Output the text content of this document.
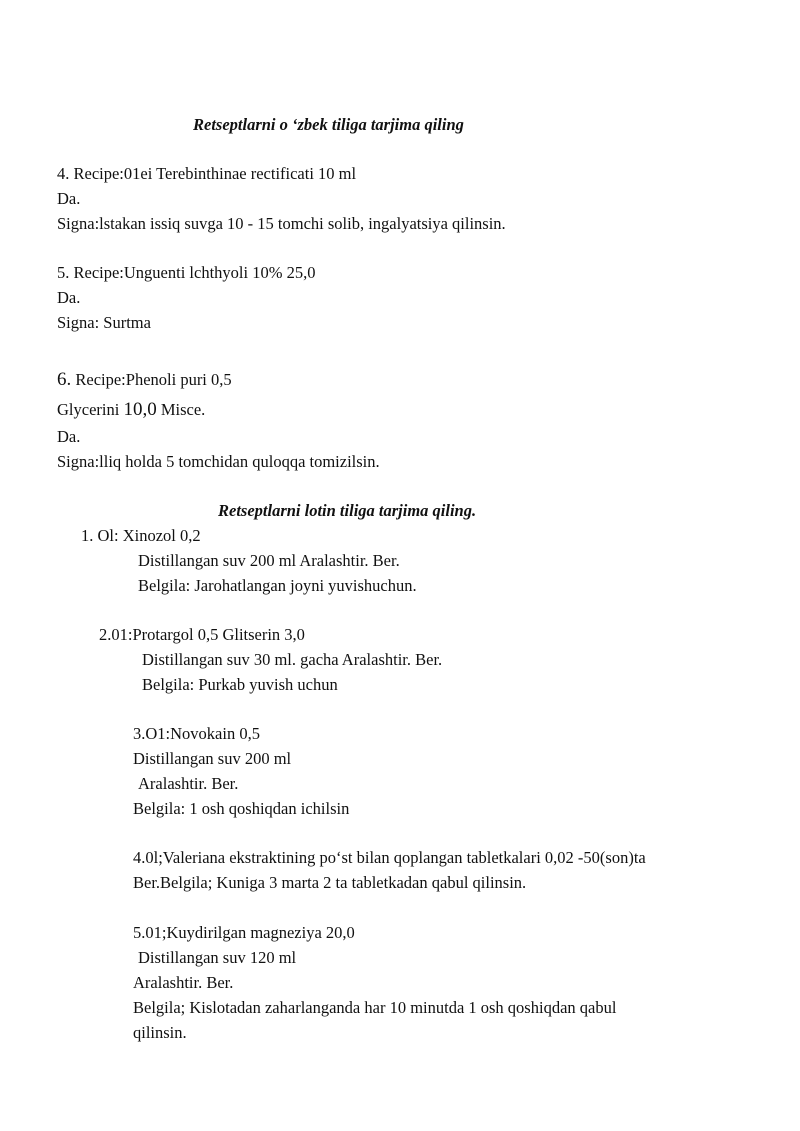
Retseptlarni o ‘zbek tiliga tarjima qiling
4. Recipe:01ei Terebinthinae rectificati 10 ml
Da.
Signa:lstakan issiq suvga 10 - 15 tomchi solib, ingalyatsiya qilinsin.
5. Recipe:Unguenti lchthyoli 10% 25,0
Da.
Signa: Surtma
6. Recipe:Phenoli puri 0,5
Glycerini 10,0 Misce.
Da.
Signa:lliq holda 5 tomchidan quloqqa tomizilsin.
Retseptlarni lotin tiliga tarjima qiling.
1. Ol: Xinozol 0,2
Distillangan suv 200 ml Aralashtir. Ber.
Belgila: Jarohatlangan joyni yuvishuchun.
2.01:Protargol 0,5 Glitserin 3,0
Distillangan suv 30 ml. gacha Aralashtir. Ber.
Belgila: Purkab yuvish uchun
3.O1:Novokain 0,5
Distillangan suv 200 ml
Aralashtir. Ber.
Belgila: 1 osh qoshiqdan ichilsin
4.0l;Valeriana ekstraktining po‘st bilan qoplangan tabletkalari 0,02 -50(son)ta
Ber.Belgila; Kuniga 3 marta 2 ta tabletkadan qabul qilinsin.
5.01;Kuydirilgan magneziya 20,0
Distillangan suv 120 ml
Aralashtir. Ber.
Belgila; Kislotadan zaharlanganda har 10 minutda 1 osh qoshiqdan qabul
qilinsin.
